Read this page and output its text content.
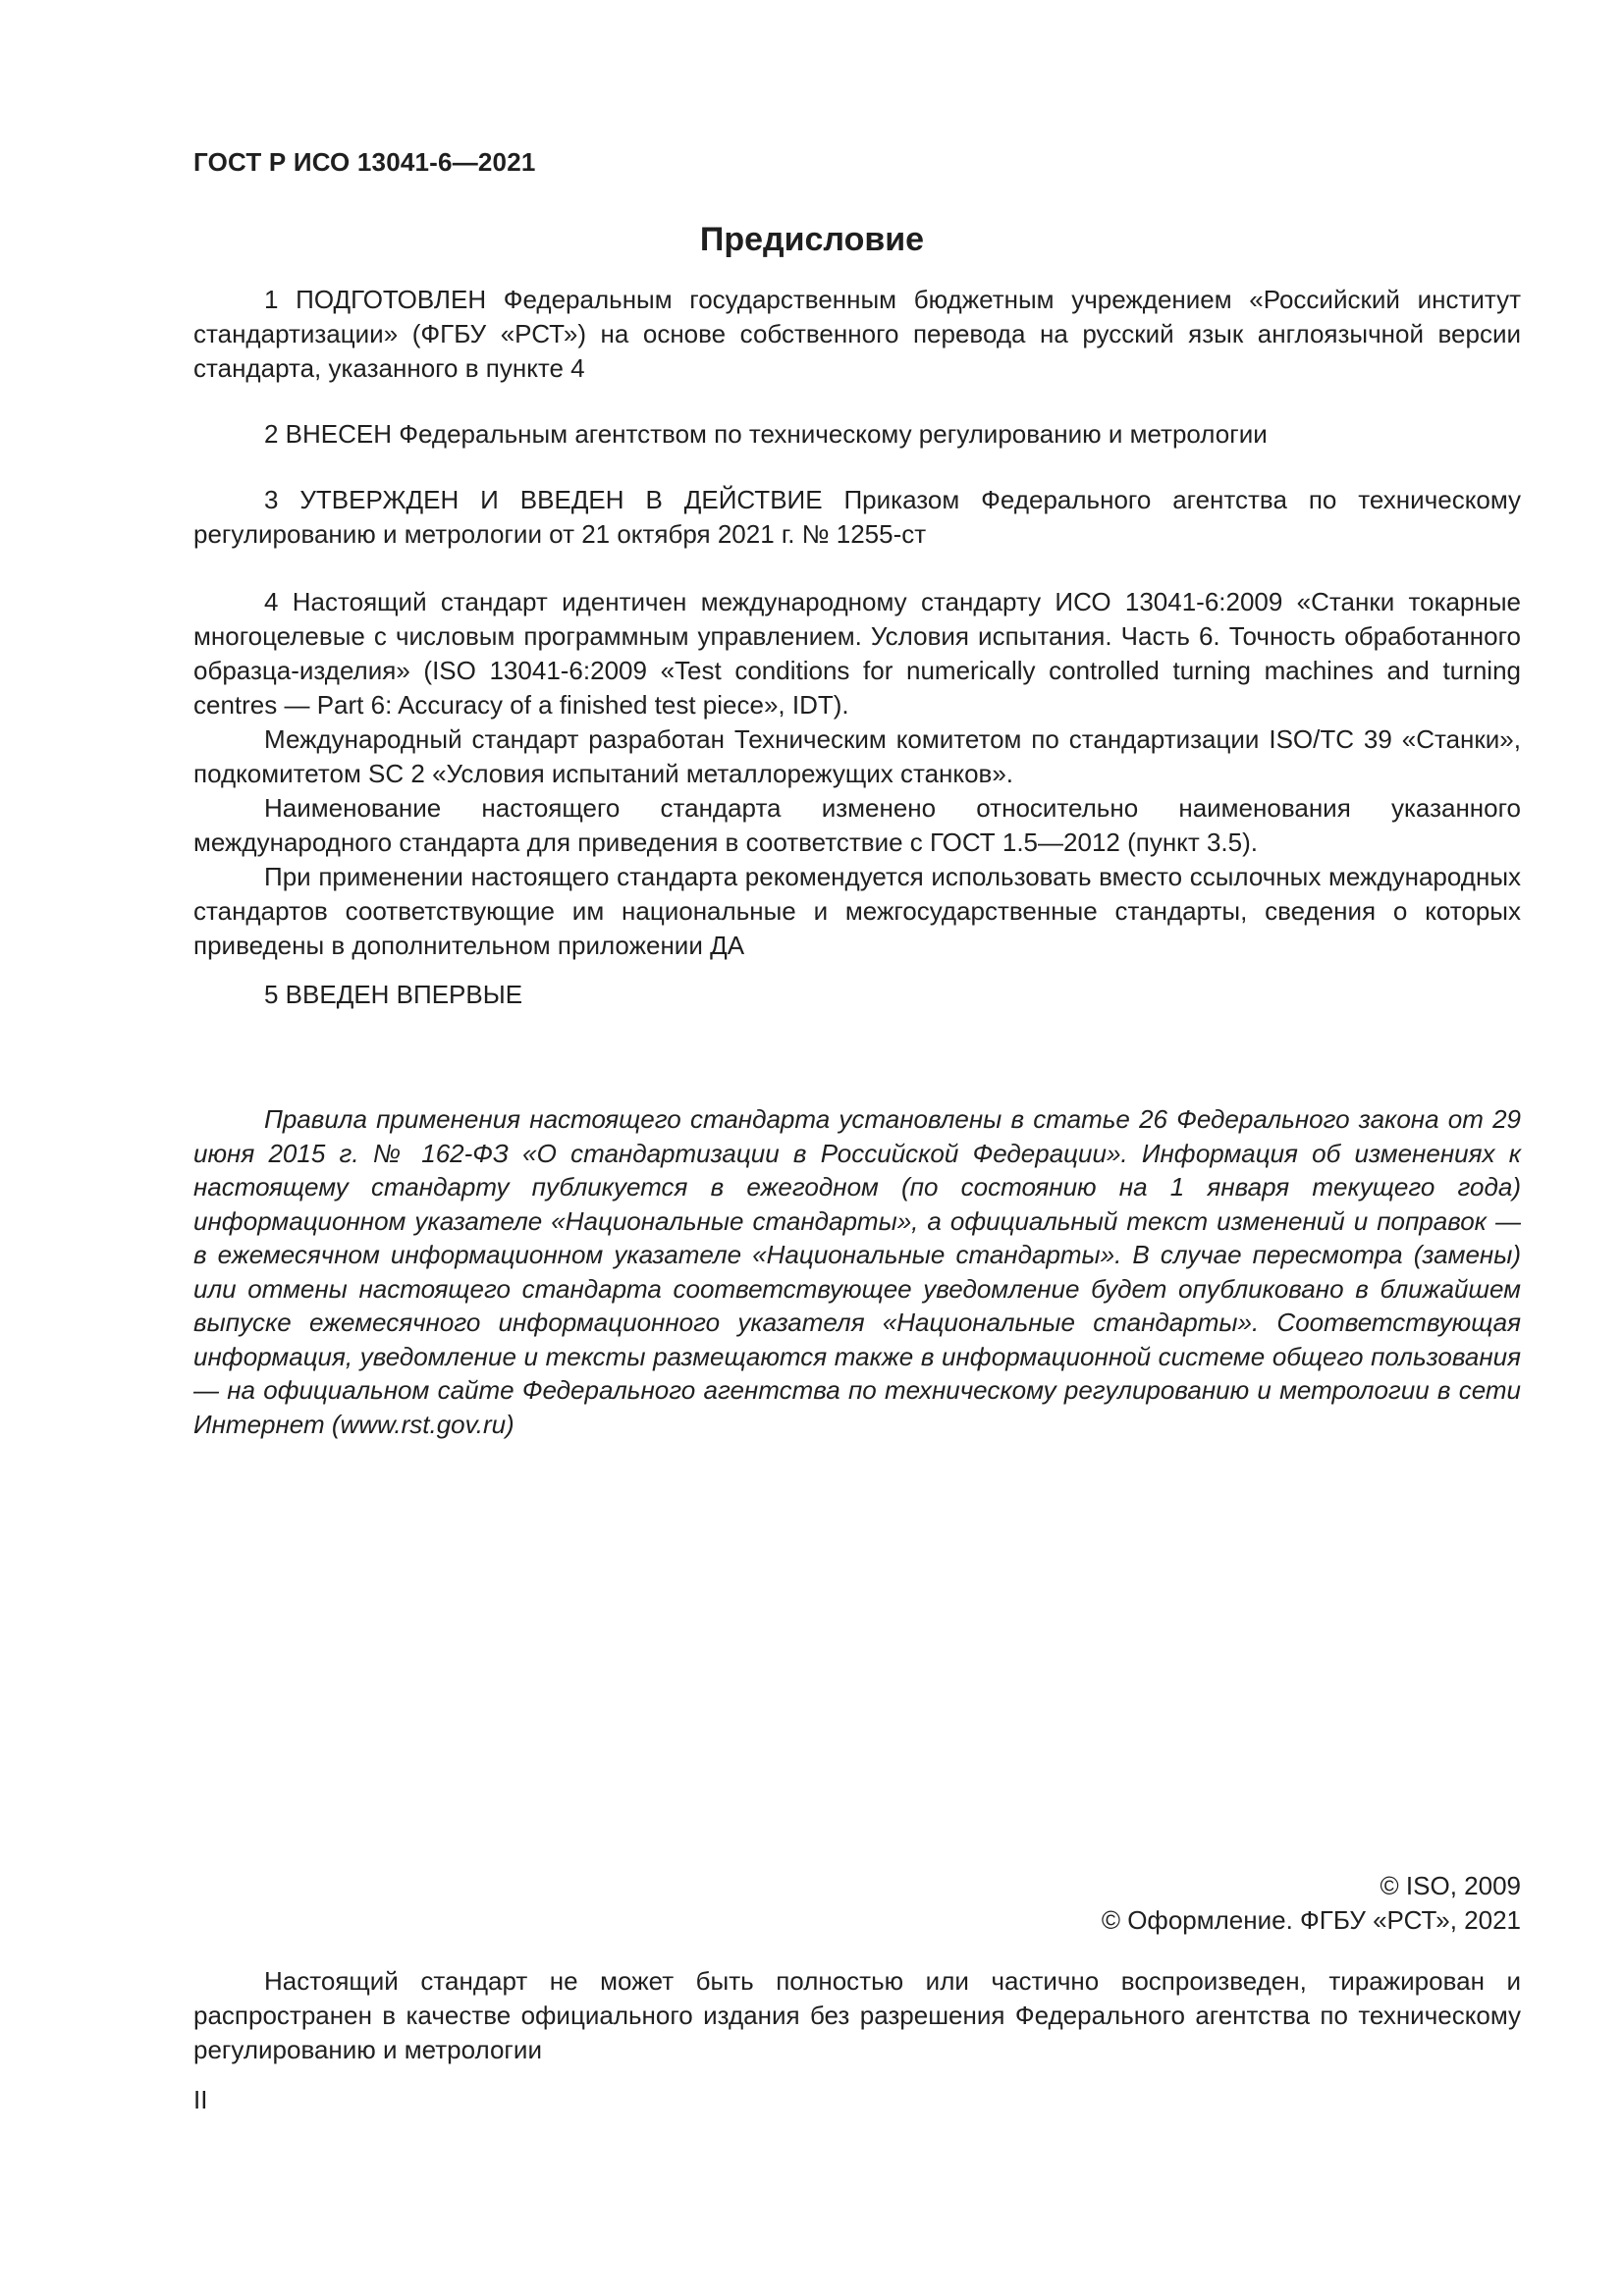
ГОСТ Р ИСО 13041-6—2021
Предисловие

1 ПОДГОТОВЛЕН Федеральным государственным бюджетным учреждением «Российский институт стандартизации» (ФГБУ «РСТ») на основе собственного перевода на русский язык англоязычной версии стандарта, указанного в пункте 4

2 ВНЕСЕН Федеральным агентством по техническому регулированию и метрологии

3 УТВЕРЖДЕН И ВВЕДЕН В ДЕЙСТВИЕ Приказом Федерального агентства по техническому регулированию и метрологии от 21 октября 2021 г. № 1255-ст

4 Настоящий стандарт идентичен международному стандарту ИСО 13041-6:2009 «Станки токарные многоцелевые с числовым программным управлением. Условия испытания. Часть 6. Точность обработанного образца-изделия» (ISO 13041-6:2009 «Test conditions for numerically controlled turning machines and turning centres — Part 6: Accuracy of a finished test piece», IDT).

Международный стандарт разработан Техническим комитетом по стандартизации ISO/TC 39 «Станки», подкомитетом SC 2 «Условия испытаний металлорежущих станков».

Наименование настоящего стандарта изменено относительно наименования указанного международного стандарта для приведения в соответствие с ГОСТ 1.5—2012 (пункт 3.5).

При применении настоящего стандарта рекомендуется использовать вместо ссылочных международных стандартов соответствующие им национальные и межгосударственные стандарты, сведения о которых приведены в дополнительном приложении ДА

5 ВВЕДЕН ВПЕРВЫЕ

Правила применения настоящего стандарта установлены в статье 26 Федерального закона от 29 июня 2015 г. № 162-ФЗ «О стандартизации в Российской Федерации». Информация об изменениях к настоящему стандарту публикуется в ежегодном (по состоянию на 1 января текущего года) информационном указателе «Национальные стандарты», а официальный текст изменений и поправок — в ежемесячном информационном указателе «Национальные стандарты». В случае пересмотра (замены) или отмены настоящего стандарта соответствующее уведомление будет опубликовано в ближайшем выпуске ежемесячного информационного указателя «Национальные стандарты». Соответствующая информация, уведомление и тексты размещаются также в информационной системе общего пользования — на официальном сайте Федерального агентства по техническому регулированию и метрологии в сети Интернет (www.rst.gov.ru)

© ISO, 2009
© Оформление. ФГБУ «РСТ», 2021

Настоящий стандарт не может быть полностью или частично воспроизведен, тиражирован и распространен в качестве официального издания без разрешения Федерального агентства по техническому регулированию и метрологии

II
